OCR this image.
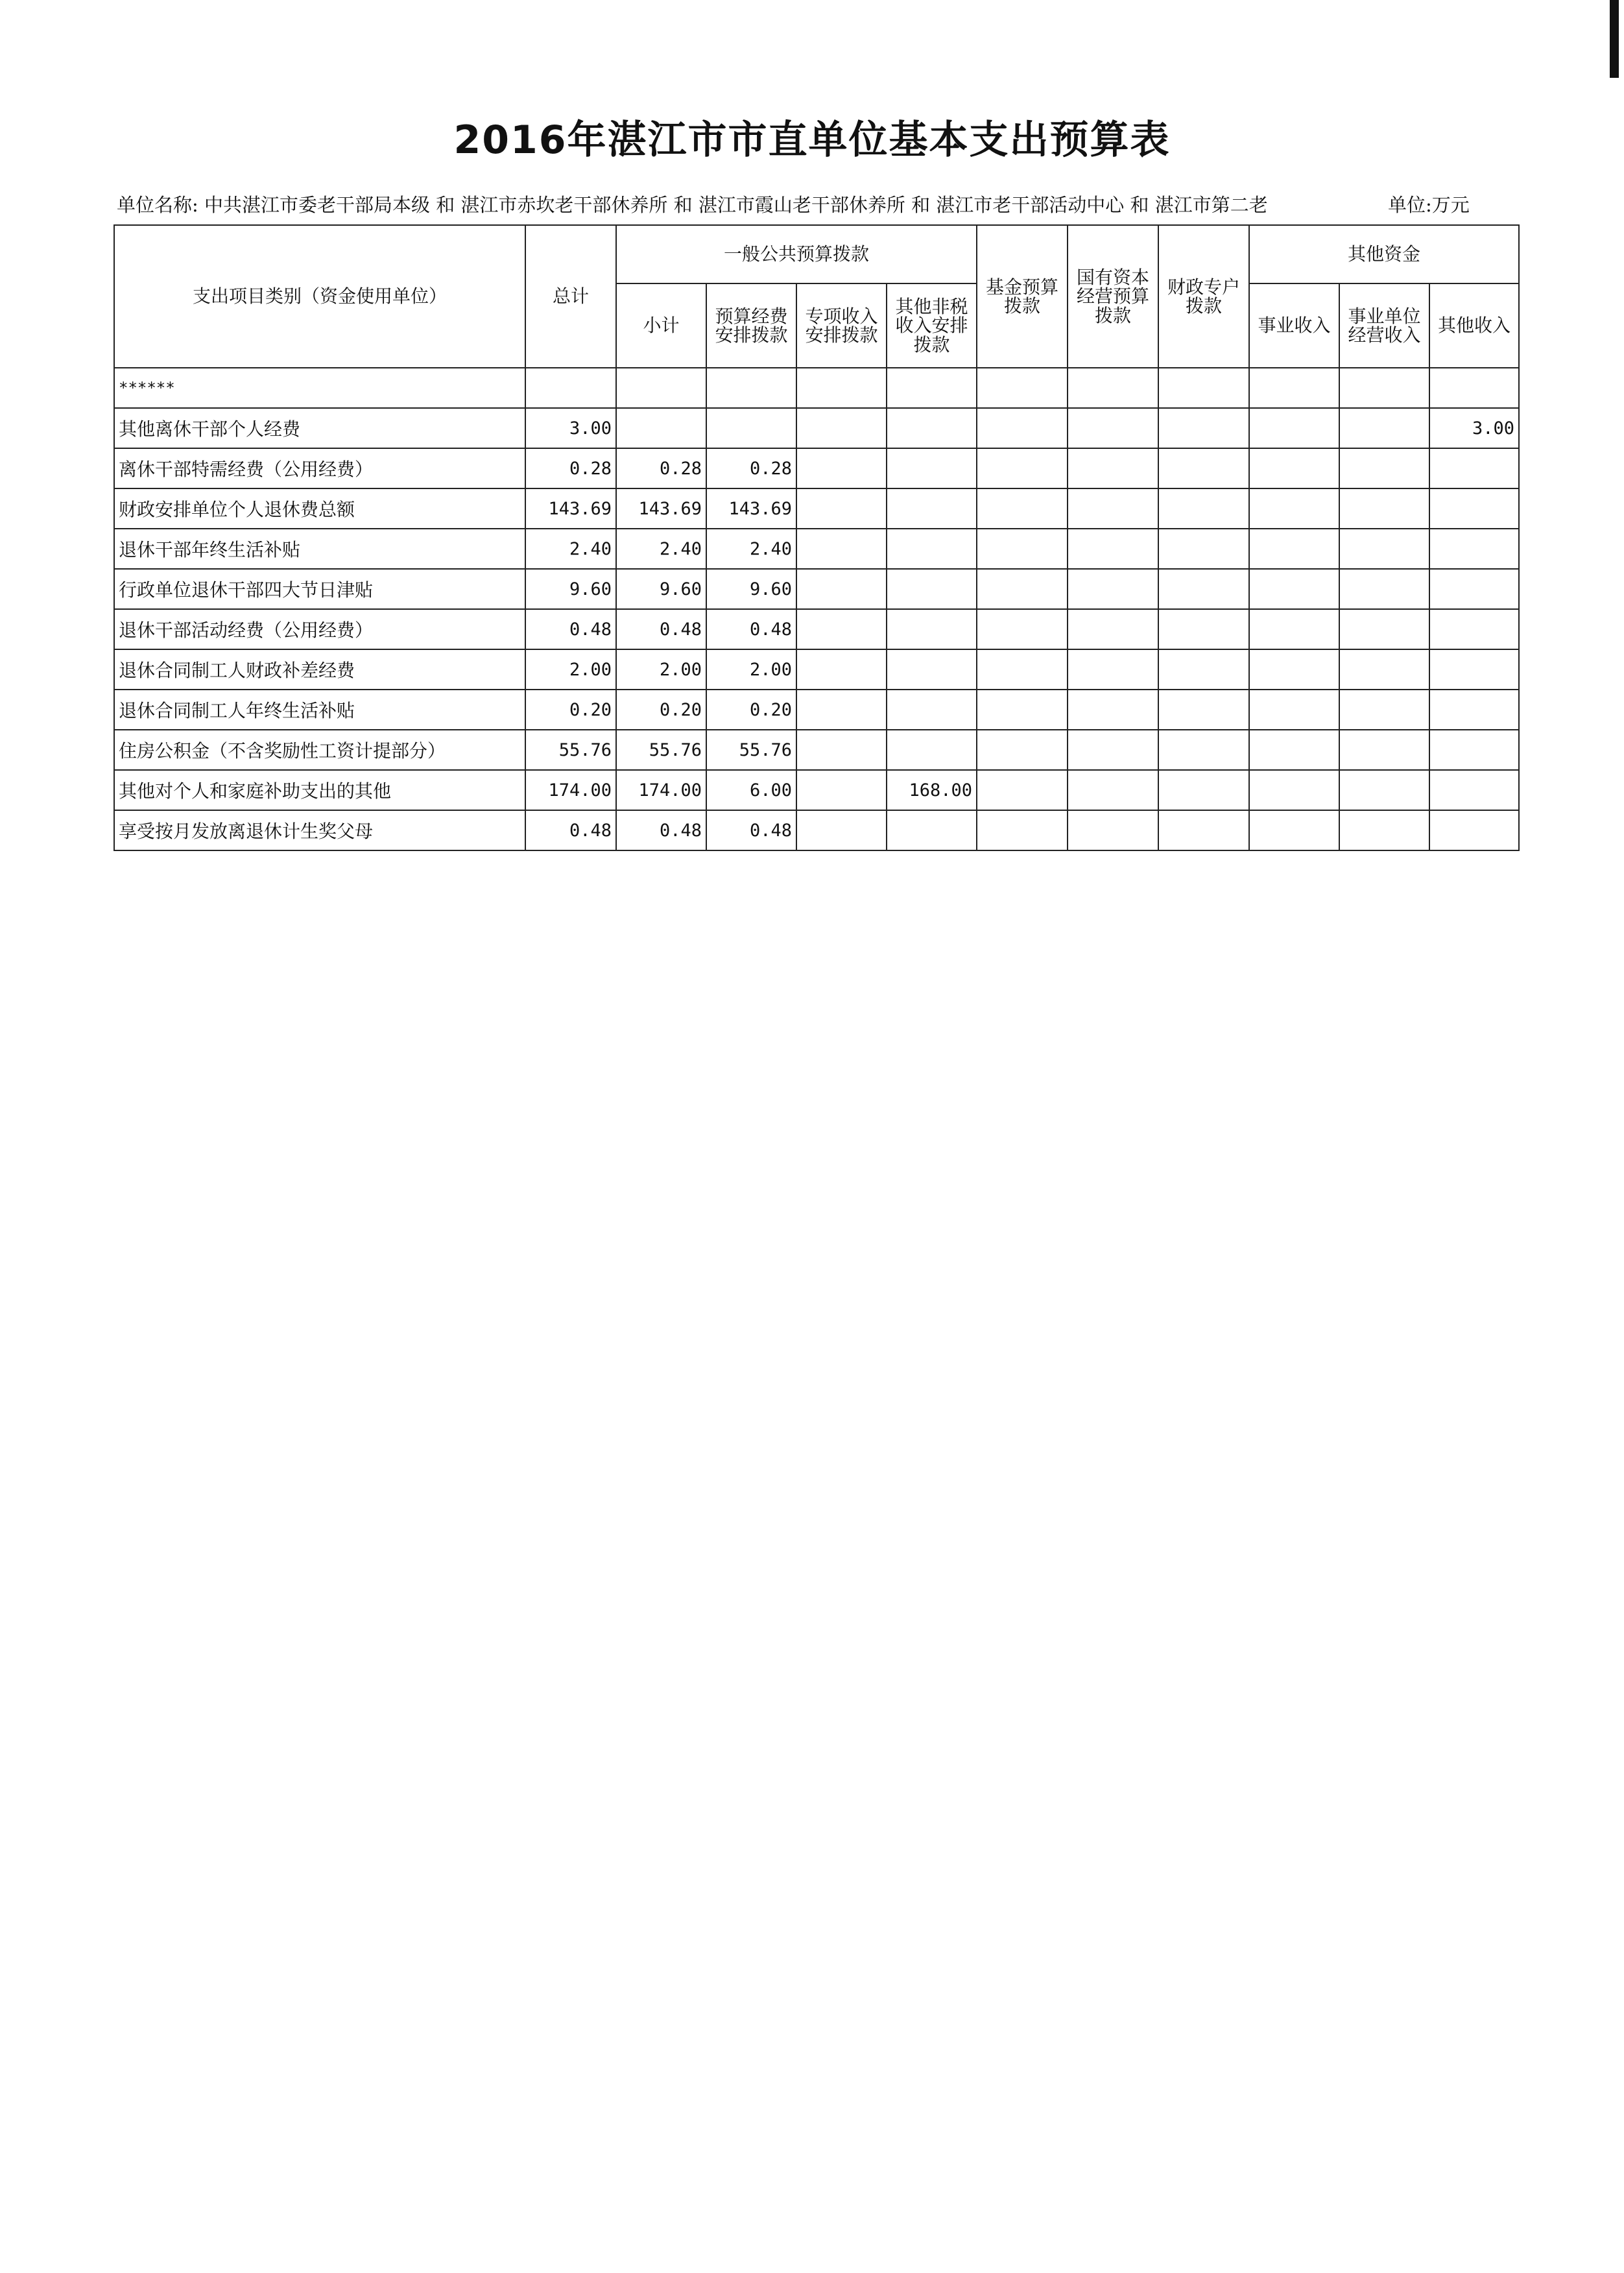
2016年湛江市市直单位基本支出预算表
单位名称: 中共湛江市委老干部局本级 和 湛江市赤坎老干部休养所 和 湛江市霞山老干部休养所 和 湛江市老干部活动中心 和 湛江市第二老	单位:万元
支出项目类别（资金使用单位）	总计	一般公共预算拨款				基金预算拨款	国有资本经营预算拨款	财政专户拨款	其他资金		
		小计	预算经费安排拨款	专项收入安排拨款	其他非税收入安排拨款				事业收入	事业单位经营收入	其他收入
******											
其他离休干部个人经费	3.00										3.00
离休干部特需经费（公用经费）	0.28	0.28	0.28								
财政安排单位个人退休费总额	143.69	143.69	143.69								
退休干部年终生活补贴	2.40	2.40	2.40								
行政单位退休干部四大节日津贴	9.60	9.60	9.60								
退休干部活动经费（公用经费）	0.48	0.48	0.48								
退休合同制工人财政补差经费	2.00	2.00	2.00								
退休合同制工人年终生活补贴	0.20	0.20	0.20								
住房公积金（不含奖励性工资计提部分）	55.76	55.76	55.76								
其他对个人和家庭补助支出的其他	174.00	174.00	6.00		168.00						
享受按月发放离退休计生奖父母	0.48	0.48	0.48								
